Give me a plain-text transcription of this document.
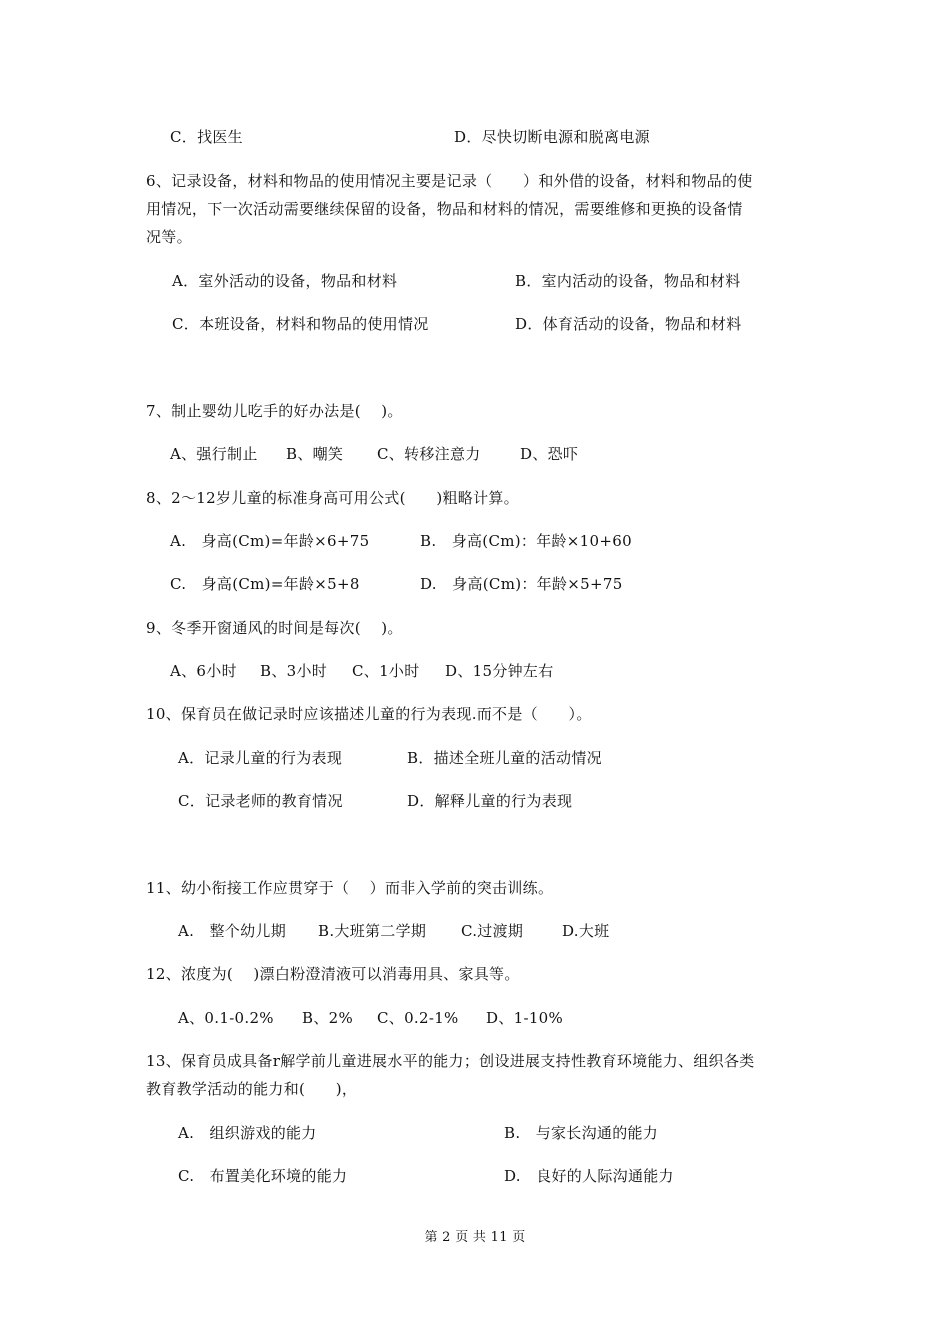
C．找医生	D．尽快切断电源和脱离电源
6、记录设备，材料和物品的使用情况主要是记录（　　）和外借的设备，材料和物品的使
用情况，下一次活动需要继续保留的设备，物品和材料的情况，需要维修和更换的设备情
况等。
A．室外活动的设备，物品和材料	B．室内活动的设备，物品和材料
C．本班设备，材料和物品的使用情况	D．体育活动的设备，物品和材料
7、制止婴幼儿吃手的好办法是(　 )。
A、强行制止 B、嘲笑 C、转移注意力	D、恐吓
8、2～12岁儿童的标准身高可用公式(　　)粗略计算。
A.　身高(Cm)=年龄×6+75	B.　身高(Cm)：年龄×10+60
C.　身高(Cm)=年龄×5+8	D.　身高(Cm)：年龄×5+75
9、冬季开窗通风的时间是每次(　 )。
A、6小时 B、3小时 C、1小时 D、15分钟左右
10、保育员在做记录时应该描述儿童的行为表现.而不是（　　）。
A．记录儿童的行为表现	B．描述全班儿童的活动情况
C．记录老师的教育情况	D．解释儿童的行为表现
11、幼小衔接工作应贯穿于（　 ）而非入学前的突击训练。
A.　整个幼儿期 B.大班第二学期 C.过渡期	D.大班
12、浓度为(　 )漂白粉澄清液可以消毒用具、家具等。
A、0.1-0.2% B、2% C、0.2-1% D、1-10%
13、保育员成具备r解学前儿童进展水平的能力；创设进展支持性教育环境能力、组织各类
教育教学活动的能力和(　　)，
A.　组织游戏的能力	B.　与家长沟通的能力
C.　布置美化环境的能力	D.　良好的人际沟通能力
第 2 页 共 11 页
